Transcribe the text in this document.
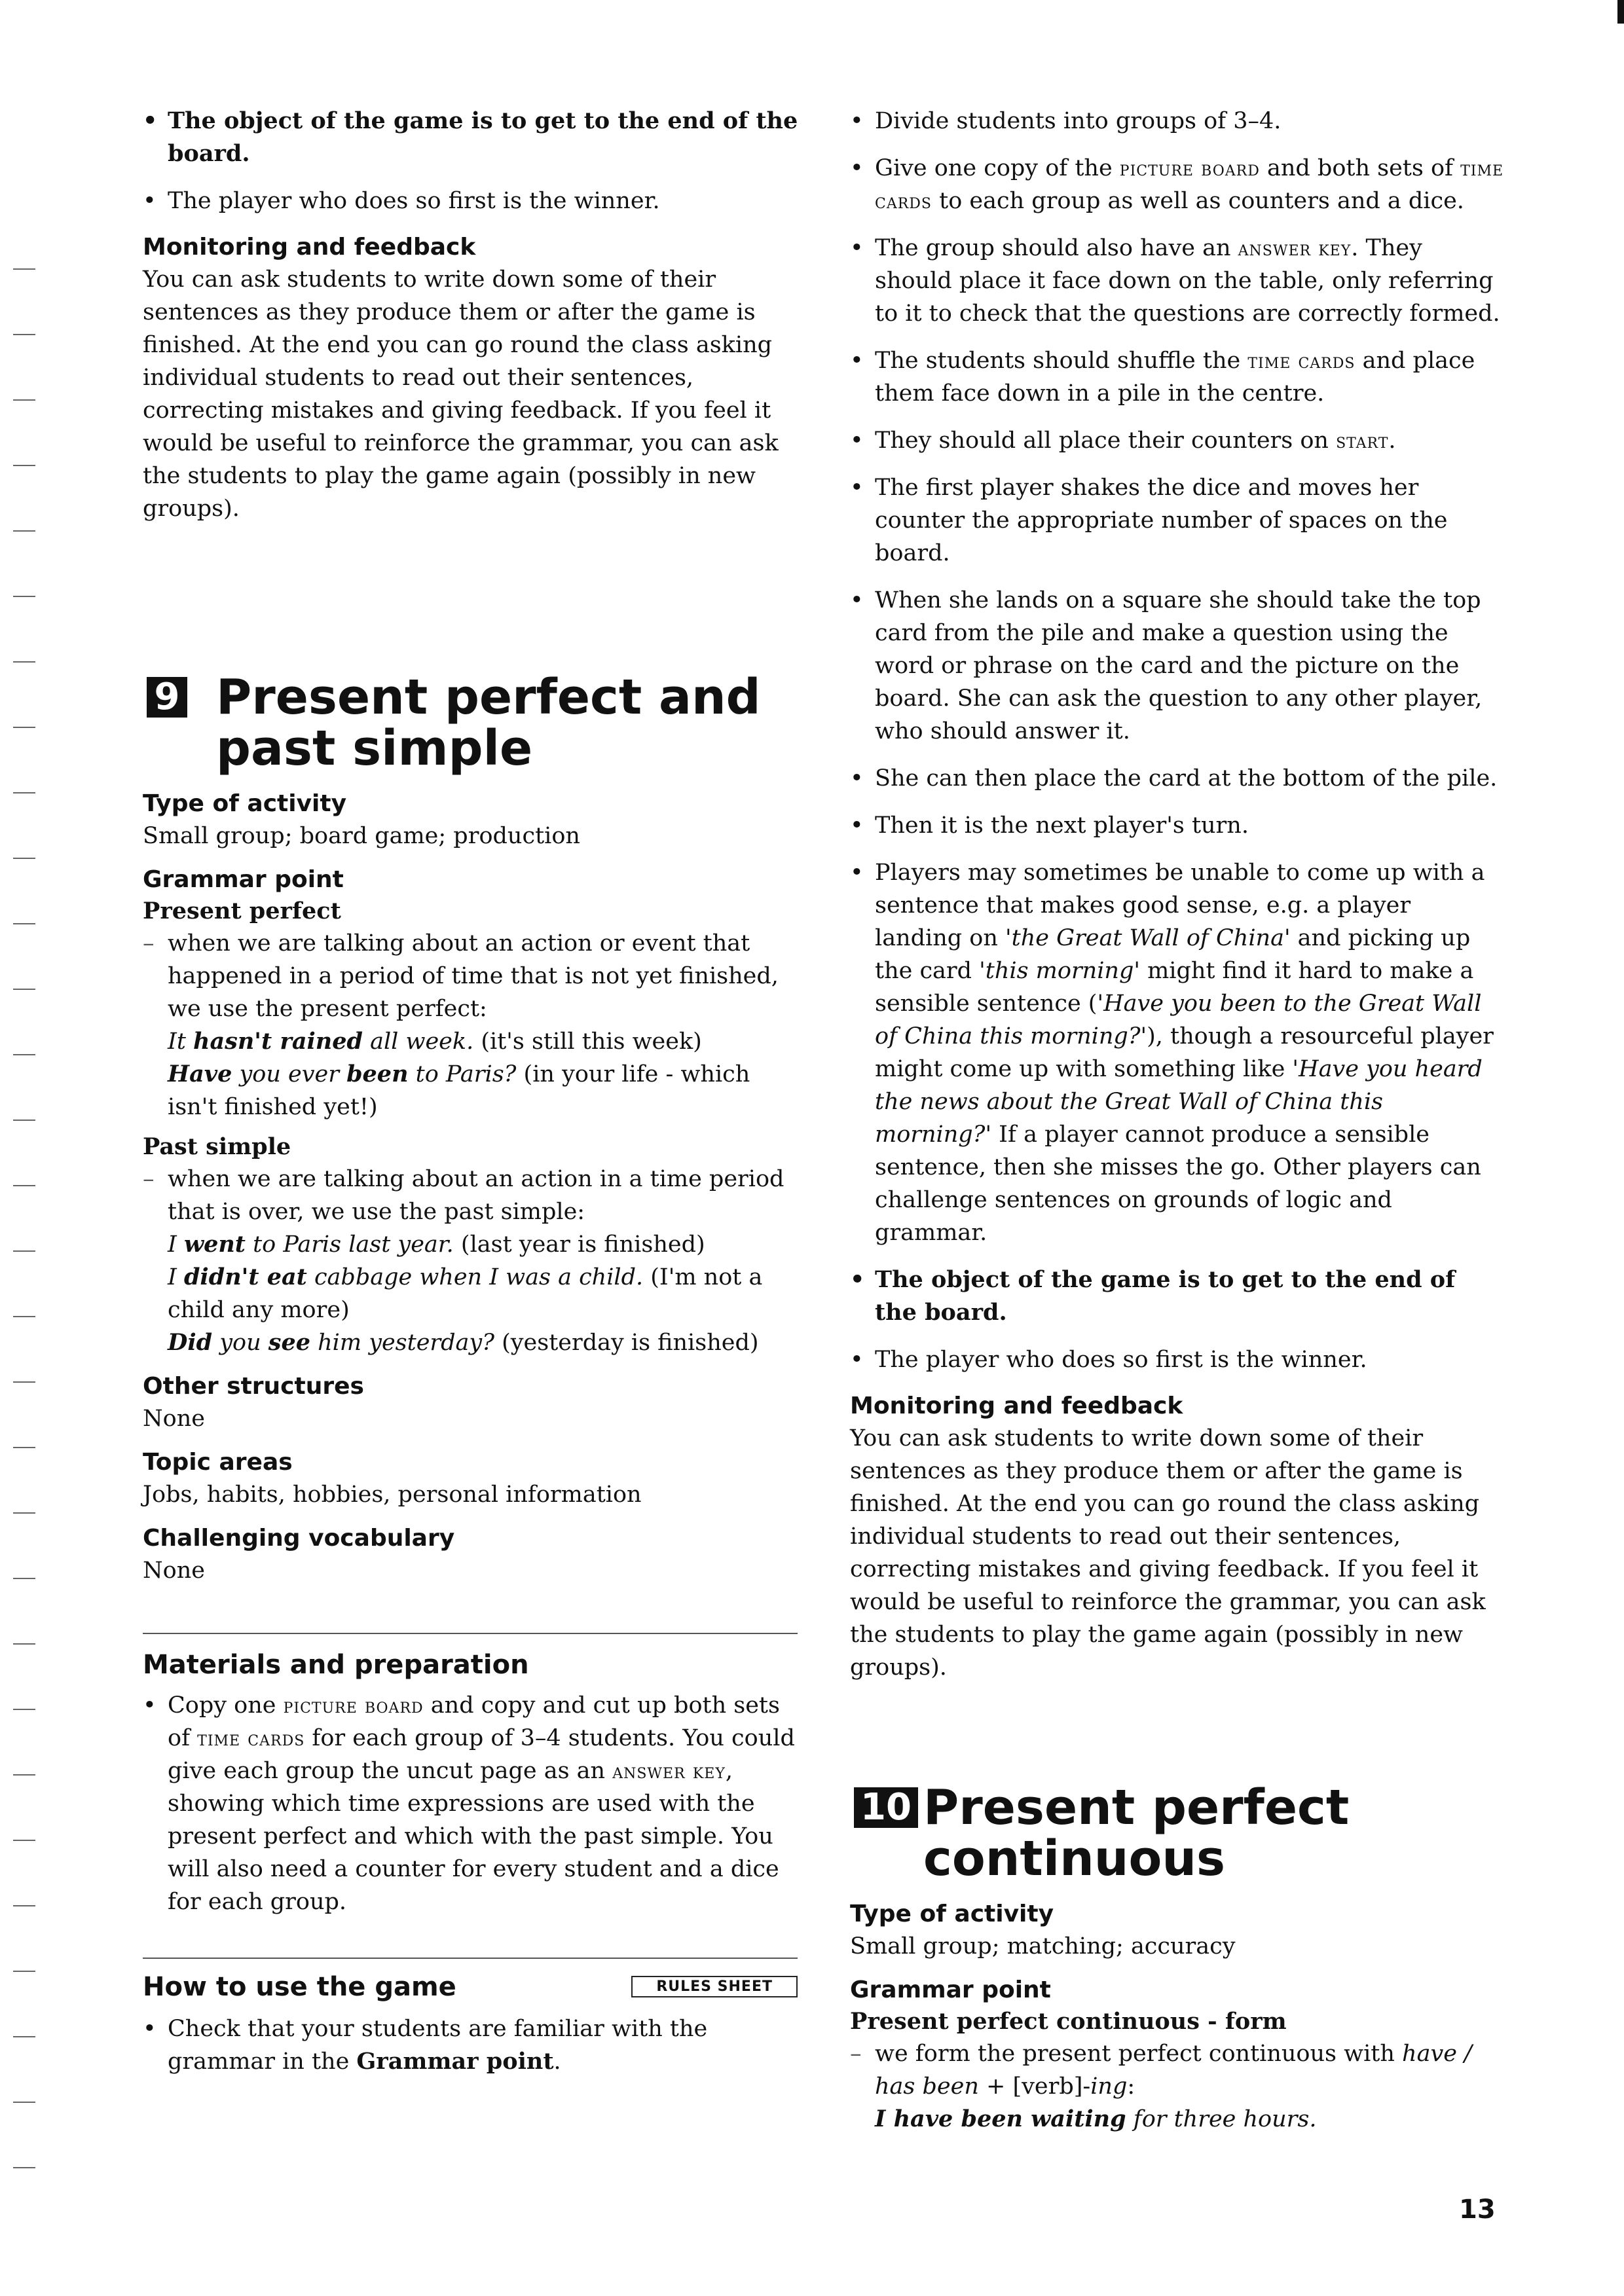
• The object of the game is to get to the end of the board.
• The player who does so first is the winner.
Monitoring and feedback

You can ask students to write down some of their sentences as they produce them or after the game is finished. At the end you can go round the class asking individual students to read out their sentences, correcting mistakes and giving feedback. If you feel it would be useful to reinforce the grammar, you can ask the students to play the game again (possibly in new groups).

9 Present perfect and
past simple
Type of activity

Small group; board game; production

Grammar point

Present perfect

– when we are talking about an action or event that happened in a period of time that is not yet finished, we use the present perfect:

It hasn't rained all week. (it's still this week)

Have you ever been to Paris? (in your life - which isn't finished yet!)

Past simple

– when we are talking about an action in a time period that is over, we use the past simple:

I went to Paris last year. (last year is finished)

I didn't eat cabbage when I was a child. (I'm not a child any more)

Did you see him yesterday? (yesterday is finished)

Other structures

None

Topic areas

Jobs, habits, hobbies, personal information

Challenging vocabulary

None

Materials and preparation
• Copy one picture board and copy and cut up both sets of time cards for each group of 3–4 students. You could give each group the uncut page as an answer key, showing which time expressions are used with the present perfect and which with the past simple. You will also need a counter for every student and a dice for each group.
How to use the game	RULES SHEET
• Check that your students are familiar with the grammar in the Grammar point.
• Divide students into groups of 3–4.
• Give one copy of the picture board and both sets of time cards to each group as well as counters and a dice.
• The group should also have an answer key. They should place it face down on the table, only referring to it to check that the questions are correctly formed.
• The students should shuffle the time cards and place them face down in a pile in the centre.
• They should all place their counters on start.
• The first player shakes the dice and moves her counter the appropriate number of spaces on the board.
• When she lands on a square she should take the top card from the pile and make a question using the word or phrase on the card and the picture on the board. She can ask the question to any other player, who should answer it.
• She can then place the card at the bottom of the pile.
• Then it is the next player's turn.
• Players may sometimes be unable to come up with a sentence that makes good sense, e.g. a player landing on 'the Great Wall of China' and picking up the card 'this morning' might find it hard to make a sensible sentence ('Have you been to the Great Wall of China this morning?'), though a resourceful player might come up with something like 'Have you heard the news about the Great Wall of China this morning?' If a player cannot produce a sensible sentence, then she misses the go. Other players can challenge sentences on grounds of logic and grammar.
• The object of the game is to get to the end of the board.
• The player who does so first is the winner.
Monitoring and feedback

You can ask students to write down some of their sentences as they produce them or after the game is finished. At the end you can go round the class asking individual students to read out their sentences, correcting mistakes and giving feedback. If you feel it would be useful to reinforce the grammar, you can ask the students to play the game again (possibly in new groups).

10 Present perfect
continuous
Type of activity

Small group; matching; accuracy

Grammar point

Present perfect continuous - form

– we form the present perfect continuous with have / has been + [verb]-ing:

I have been waiting for three hours.

13
